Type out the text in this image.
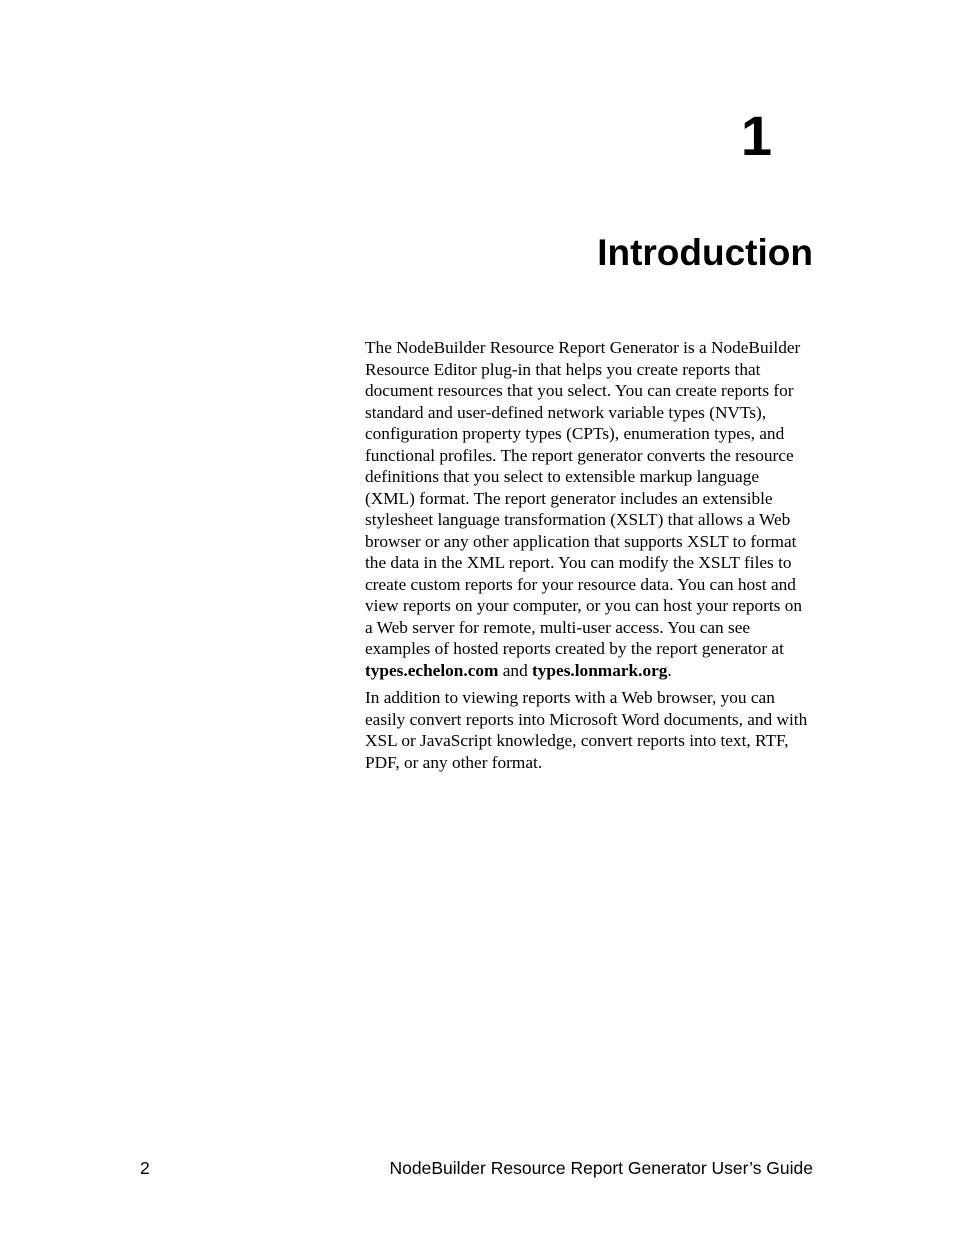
1
Introduction

The NodeBuilder Resource Report Generator is a NodeBuilder Resource Editor plug-in that helps you create reports that document resources that you select. You can create reports for standard and user-defined network variable types (NVTs), configuration property types (CPTs), enumeration types, and functional profiles. The report generator converts the resource definitions that you select to extensible markup language (XML) format. The report generator includes an extensible stylesheet language transformation (XSLT) that allows a Web browser or any other application that supports XSLT to format the data in the XML report. You can modify the XSLT files to create custom reports for your resource data. You can host and view reports on your computer, or you can host your reports on a Web server for remote, multi-user access. You can see examples of hosted reports created by the report generator at types.echelon.com and types.lonmark.org.

In addition to viewing reports with a Web browser, you can easily convert reports into Microsoft Word documents, and with XSL or JavaScript knowledge, convert reports into text, RTF, PDF, or any other format.

2	NodeBuilder Resource Report Generator User’s Guide
